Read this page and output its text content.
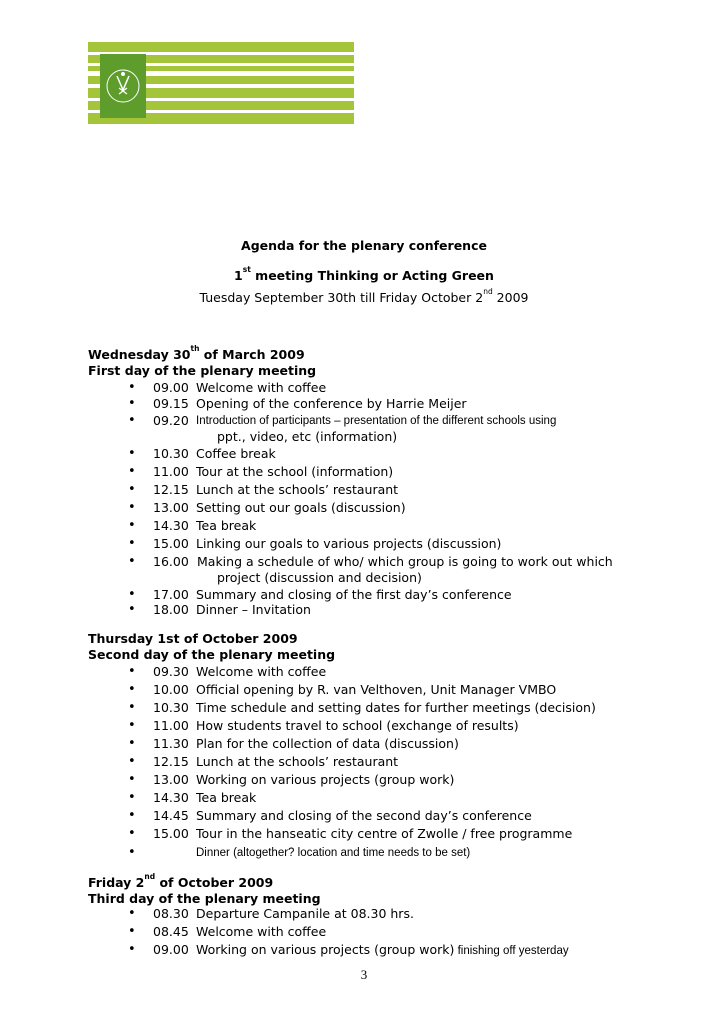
Agenda for the plenary conference
1st meeting Thinking or Acting Green
Tuesday September 30th till Friday October 2nd 2009
Wednesday 30th of March 2009
First day of the plenary meeting
• 09.00 Welcome with coffee
• 09.15 Opening of the conference by Harrie Meijer
• 09.20 Introduction of participants – presentation of the different schools using
ppt., video, etc (information)
• 10.30 Coffee break
• 11.00 Tour at the school (information)
• 12.15 Lunch at the schools’ restaurant
• 13.00 Setting out our goals (discussion)
• 14.30 Tea break
• 15.00 Linking our goals to various projects (discussion)
• 16.00 Making a schedule of who/ which group is going to work out which
project (discussion and decision)
• 17.00 Summary and closing of the first day’s conference
• 18.00 Dinner – Invitation
Thursday 1st of October 2009
Second day of the plenary meeting
• 09.30 Welcome with coffee
• 10.00 Official opening by R. van Velthoven, Unit Manager VMBO
• 10.30 Time schedule and setting dates for further meetings (decision)
• 11.00 How students travel to school (exchange of results)
• 11.30 Plan for the collection of data (discussion)
• 12.15 Lunch at the schools’ restaurant
• 13.00 Working on various projects (group work)
• 14.30 Tea break
• 14.45 Summary and closing of the second day’s conference
• 15.00 Tour in the hanseatic city centre of Zwolle / free programme
•	Dinner (altogether? location and time needs to be set)
Friday 2nd of October 2009
Third day of the plenary meeting
• 08.30 Departure Campanile at 08.30 hrs.
• 08.45 Welcome with coffee
• 09.00 Working on various projects (group work) finishing off yesterday
3
